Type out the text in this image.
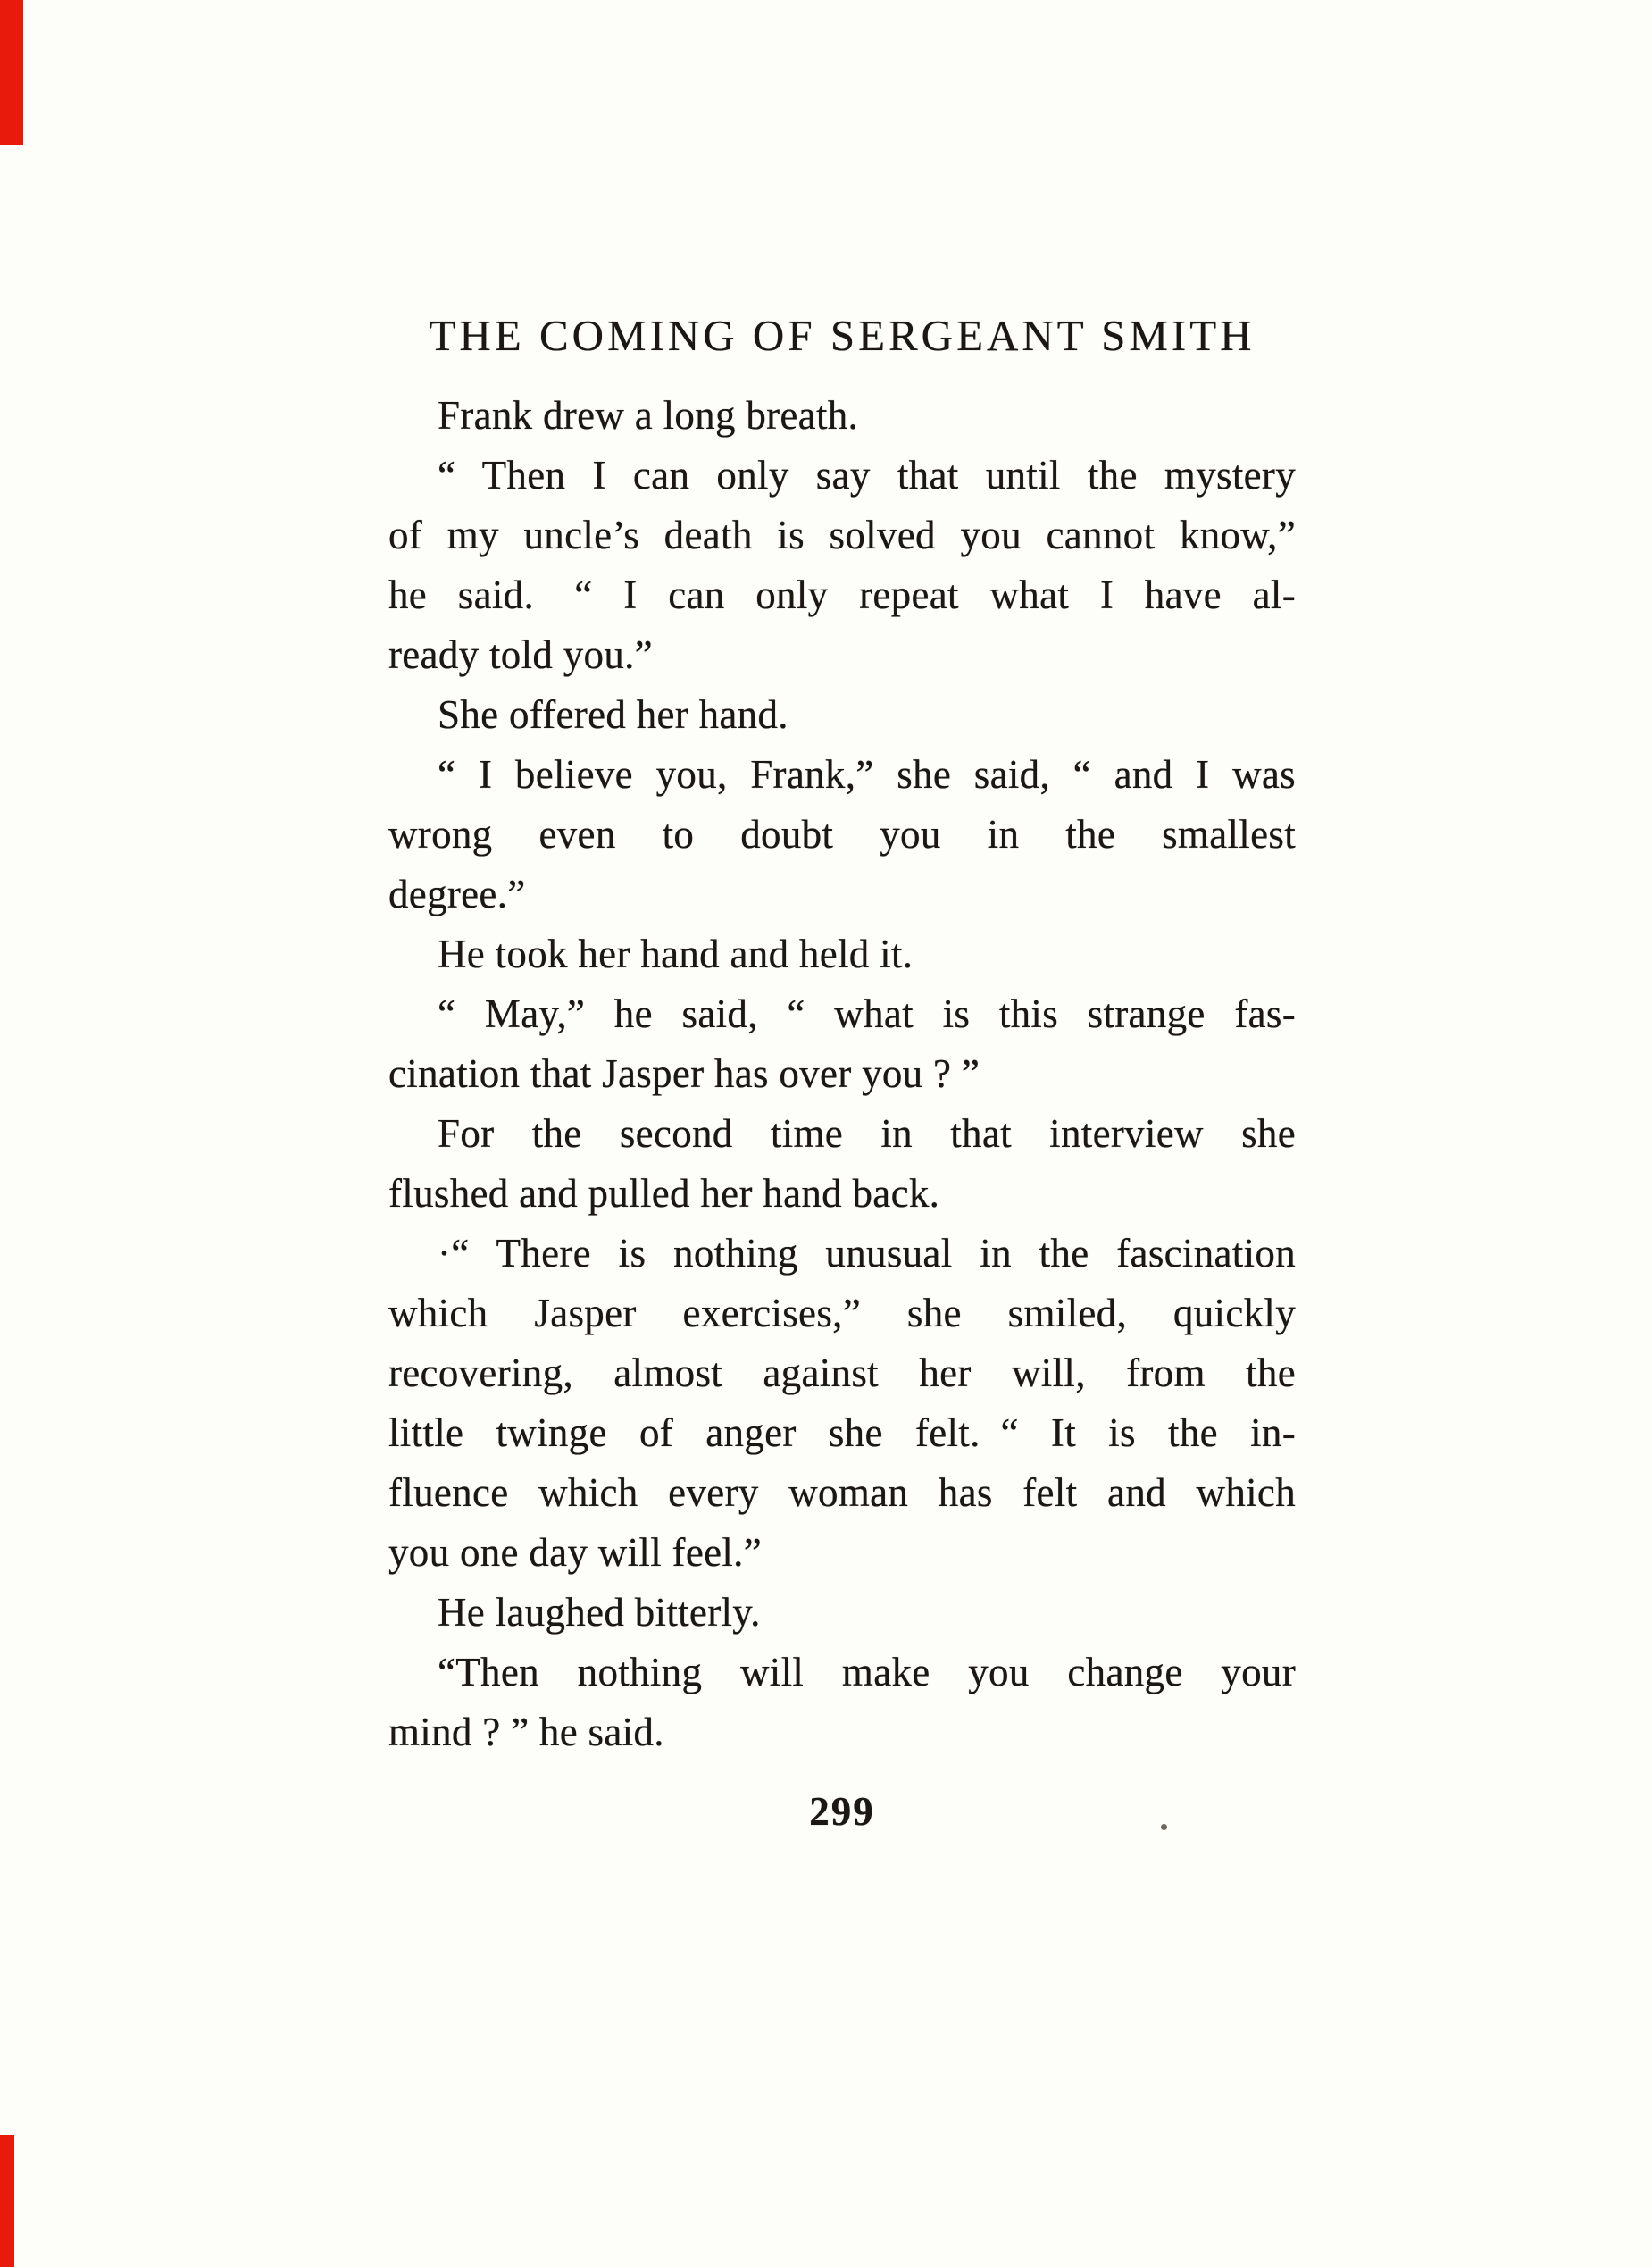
THE COMING OF SERGEANT SMITH
Frank drew a long breath.
“ Then I can only say that until the mystery
of my uncle’s death is solved you cannot know,”
he said. “ I can only repeat what I have al-
ready told you.”
She offered her hand.
“ I believe you, Frank,” she said, “ and I was
wrong even to doubt you in the smallest
degree.”
He took her hand and held it.
“ May,” he said, “ what is this strange fas-
cination that Jasper has over you ? ”
For the second time in that interview she
flushed and pulled her hand back.
·“ There is nothing unusual in the fascination
which Jasper exercises,” she smiled, quickly
recovering, almost against her will, from the
little twinge of anger she felt. “ It is the in-
fluence which every woman has felt and which
you one day will feel.”
He laughed bitterly.
“Then nothing will make you change your
mind ? ” he said.
299
